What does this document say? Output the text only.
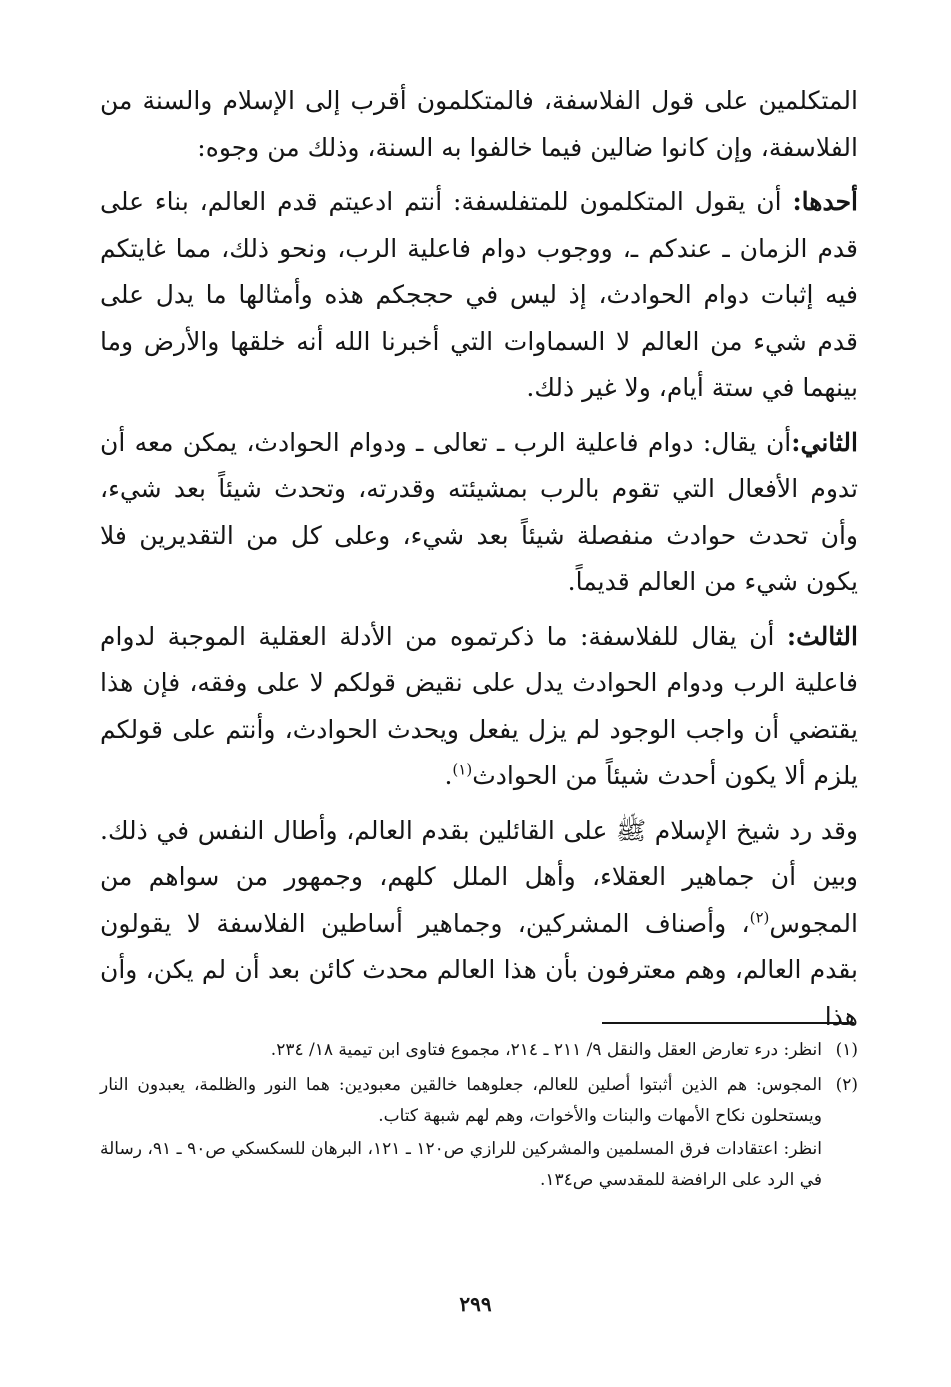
المتكلمين على قول الفلاسفة، فالمتكلمون أقرب إلى الإسلام والسنة من الفلاسفة، وإن كانوا ضالين فيما خالفوا به السنة، وذلك من وجوه:

أحدها: أن يقول المتكلمون للمتفلسفة: أنتم ادعيتم قدم العالم، بناء على قدم الزمان ـ عندكم ـ، ووجوب دوام فاعلية الرب، ونحو ذلك، مما غايتكم فيه إثبات دوام الحوادث، إذ ليس في حججكم هذه وأمثالها ما يدل على قدم شيء من العالم لا السماوات التي أخبرنا الله أنه خلقها والأرض وما بينهما في ستة أيام، ولا غير ذلك.

الثاني:أن يقال: دوام فاعلية الرب ـ تعالى ـ ودوام الحوادث، يمكن معه أن تدوم الأفعال التي تقوم بالرب بمشيئته وقدرته، وتحدث شيئاً بعد شيء، وأن تحدث حوادث منفصلة شيئاً بعد شيء، وعلى كل من التقديرين فلا يكون شيء من العالم قديماً.

الثالث: أن يقال للفلاسفة: ما ذكرتموه من الأدلة العقلية الموجبة لدوام فاعلية الرب ودوام الحوادث يدل على نقيض قولكم لا على وفقه، فإن هذا يقتضي أن واجب الوجود لم يزل يفعل ويحدث الحوادث، وأنتم على قولكم يلزم ألا يكون أحدث شيئاً من الحوادث$^{(١)}$.

وقد رد شيخ الإسلام ﷺ على القائلين بقدم العالم، وأطال النفس في ذلك. وبين أن جماهير العقلاء، وأهل الملل كلهم، وجمهور من سواهم من المجوس$^{(٢)}$، وأصناف المشركين، وجماهير أساطين الفلاسفة لا يقولون بقدم العالم، وهم معترفون بأن هذا العالم محدث كائن بعد أن لم يكن، وأن هذا

(١)
انظر: درء تعارض العقل والنقل ٩/ ٢١١ ـ ٢١٤، مجموع فتاوى ابن تيمية ١٨/ ٢٣٤.
(٢)
المجوس: هم الذين أثبتوا أصلين للعالم، جعلوهما خالقين معبودين: هما النور والظلمة، يعبدون النار ويستحلون نكاح الأمهات والبنات والأخوات، وهم لهم شبهة كتاب.
انظر: اعتقادات فرق المسلمين والمشركين للرازي ص١٢٠ ـ ١٢١، البرهان للسكسكي ص٩٠ ـ ٩١، رسالة في الرد على الرافضة للمقدسي ص١٣٤.
٢٩٩
